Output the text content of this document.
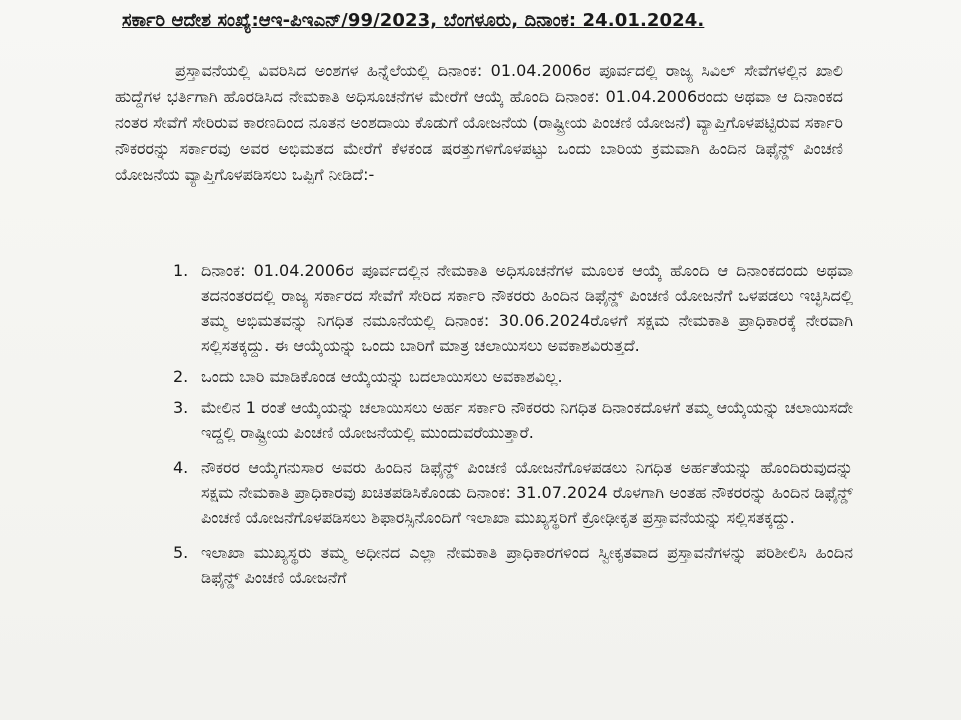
ಸರ್ಕಾರಿ ಆದೇಶ ಸಂಖ್ಯೆ:ಆಇ-ಪಿಇಎನ್/99/2023, ಬೆಂಗಳೂರು, ದಿನಾಂಕ: 24.01.2024.
ಪ್ರಸ್ತಾವನೆಯಲ್ಲಿ ವಿವರಿಸಿದ ಅಂಶಗಳ ಹಿನ್ನೆಲೆಯಲ್ಲಿ ದಿನಾಂಕ: 01.04.2006ರ ಪೂರ್ವದಲ್ಲಿ ರಾಜ್ಯ ಸಿವಿಲ್ ಸೇವೆಗಳಲ್ಲಿನ ಖಾಲಿ ಹುದ್ದೆಗಳ ಭರ್ತಿಗಾಗಿ ಹೊರಡಿಸಿದ ನೇಮಕಾತಿ ಅಧಿಸೂಚನೆಗಳ ಮೇರೆಗೆ ಆಯ್ಕೆ ಹೊಂದಿ ದಿನಾಂಕ: 01.04.2006ರಂದು ಅಥವಾ ಆ ದಿನಾಂಕದ ನಂತರ ಸೇವೆಗೆ ಸೇರಿರುವ ಕಾರಣದಿಂದ ನೂತನ ಅಂಶದಾಯಿ ಕೊಡುಗೆ ಯೋಜನೆಯ (ರಾಷ್ಟ್ರೀಯ ಪಿಂಚಣಿ ಯೋಜನೆ) ವ್ಯಾಪ್ತಿಗೊಳಪಟ್ಟಿರುವ ಸರ್ಕಾರಿ ನೌಕರರನ್ನು ಸರ್ಕಾರವು ಅವರ ಅಭಿಮತದ ಮೇರೆಗೆ ಕೆಳಕಂಡ ಷರತ್ತುಗಳಿಗೊಳಪಟ್ಟು ಒಂದು ಬಾರಿಯ ಕ್ರಮವಾಗಿ ಹಿಂದಿನ ಡಿಫೈನ್ಡ್ ಪಿಂಚಣಿ ಯೋಜನೆಯ ವ್ಯಾಪ್ತಿಗೊಳಪಡಿಸಲು ಒಪ್ಪಿಗೆ ನೀಡಿದೆ:-
1. ದಿನಾಂಕ: 01.04.2006ರ ಪೂರ್ವದಲ್ಲಿನ ನೇಮಕಾತಿ ಅಧಿಸೂಚನೆಗಳ ಮೂಲಕ ಆಯ್ಕೆ ಹೊಂದಿ ಆ ದಿನಾಂಕದಂದು ಅಥವಾ ತದನಂತರದಲ್ಲಿ ರಾಜ್ಯ ಸರ್ಕಾರದ ಸೇವೆಗೆ ಸೇರಿದ ಸರ್ಕಾರಿ ನೌಕರರು ಹಿಂದಿನ ಡಿಫೈನ್ಡ್ ಪಿಂಚಣಿ ಯೋಜನೆಗೆ ಒಳಪಡಲು ಇಚ್ಛಿಸಿದಲ್ಲಿ ತಮ್ಮ ಅಭಿಮತವನ್ನು ನಿಗಧಿತ ನಮೂನೆಯಲ್ಲಿ ದಿನಾಂಕ: 30.06.2024ರೊಳಗೆ ಸಕ್ಷಮ ನೇಮಕಾತಿ ಪ್ರಾಧಿಕಾರಕ್ಕೆ ನೇರವಾಗಿ ಸಲ್ಲಿಸತಕ್ಕದ್ದು. ಈ ಆಯ್ಕೆಯನ್ನು ಒಂದು ಬಾರಿಗೆ ಮಾತ್ರ ಚಲಾಯಿಸಲು ಅವಕಾಶವಿರುತ್ತದೆ.
2. ಒಂದು ಬಾರಿ ಮಾಡಿಕೊಂಡ ಆಯ್ಕೆಯನ್ನು ಬದಲಾಯಿಸಲು ಅವಕಾಶವಿಲ್ಲ.
3. ಮೇಲಿನ 1 ರಂತೆ ಆಯ್ಕೆಯನ್ನು ಚಲಾಯಿಸಲು ಅರ್ಹ ಸರ್ಕಾರಿ ನೌಕರರು ನಿಗಧಿತ ದಿನಾಂಕದೊಳಗೆ ತಮ್ಮ ಆಯ್ಕೆಯನ್ನು ಚಲಾಯಿಸದೇ ಇದ್ದಲ್ಲಿ ರಾಷ್ಟ್ರೀಯ ಪಿಂಚಣಿ ಯೋಜನೆಯಲ್ಲಿ ಮುಂದುವರೆಯುತ್ತಾರೆ.
4. ನೌಕರರ ಆಯ್ಕೆಗನುಸಾರ ಅವರು ಹಿಂದಿನ ಡಿಫೈನ್ಡ್ ಪಿಂಚಣಿ ಯೋಜನೆಗೊಳಪಡಲು ನಿಗಧಿತ ಅರ್ಹತೆಯನ್ನು ಹೊಂದಿರುವುದನ್ನು ಸಕ್ಷಮ ನೇಮಕಾತಿ ಪ್ರಾಧಿಕಾರವು ಖಚಿತಪಡಿಸಿಕೊಂಡು ದಿನಾಂಕ: 31.07.2024 ರೊಳಗಾಗಿ ಅಂತಹ ನೌಕರರನ್ನು ಹಿಂದಿನ ಡಿಫೈನ್ಡ್ ಪಿಂಚಣಿ ಯೋಜನೆಗೊಳಪಡಿಸಲು ಶಿಫಾರಸ್ಸಿನೊಂದಿಗೆ ಇಲಾಖಾ ಮುಖ್ಯಸ್ಥರಿಗೆ ಕ್ರೋಢೀಕೃತ ಪ್ರಸ್ತಾವನೆಯನ್ನು ಸಲ್ಲಿಸತಕ್ಕದ್ದು.
5. ಇಲಾಖಾ ಮುಖ್ಯಸ್ಥರು ತಮ್ಮ ಅಧೀನದ ಎಲ್ಲಾ ನೇಮಕಾತಿ ಪ್ರಾಧಿಕಾರಗಳಿಂದ ಸ್ವೀಕೃತವಾದ ಪ್ರಸ್ತಾವನೆಗಳನ್ನು ಪರಿಶೀಲಿಸಿ ಹಿಂದಿನ ಡಿಫೈನ್ಡ್ ಪಿಂಚಣಿ ಯೋಜನೆಗೆ
